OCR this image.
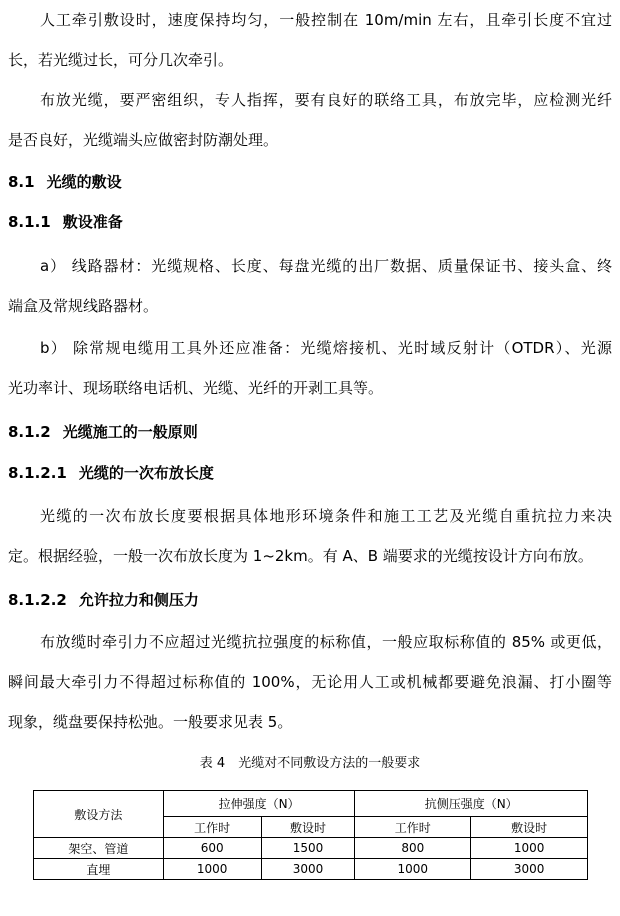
人工牵引敷设时，速度保持均匀，一般控制在 10m/min 左右，且牵引长度不宜过

长，若光缆过长，可分几次牵引。

布放光缆，要严密组织，专人指挥，要有良好的联络工具，布放完毕，应检测光纤

是否良好，光缆端头应做密封防潮处理。

8.1 光缆的敷设
8.1.1 敷设准备

a） 线路器材：光缆规格、长度、每盘光缆的出厂数据、质量保证书、接头盒、终

端盒及常规线路器材。

b） 除常规电缆用工具外还应准备：光缆熔接机、光时域反射计（OTDR）、光源

光功率计、现场联络电话机、光缆、光纤的开剥工具等。

8.1.2 光缆施工的一般原则
8.1.2.1 光缆的一次布放长度

光缆的一次布放长度要根据具体地形环境条件和施工工艺及光缆自重抗拉力来决

定。根据经验，一般一次布放长度为 1~2km。有 A、B 端要求的光缆按设计方向布放。

8.1.2.2 允许拉力和侧压力

布放缆时牵引力不应超过光缆抗拉强度的标称值，一般应取标称值的 85% 或更低，

瞬间最大牵引力不得超过标称值的 100%，无论用人工或机械都要避免浪漏、打小圈等

现象，缆盘要保持松弛。一般要求见表 5。

表 4　光缆对不同敷设方法的一般要求

敷设方法	拉伸强度（N）		抗侧压强度（N）	
	工作时	敷设时	工作时	敷设时
架空、管道	600	1500	800	1000
直埋	1000	3000	1000	3000
